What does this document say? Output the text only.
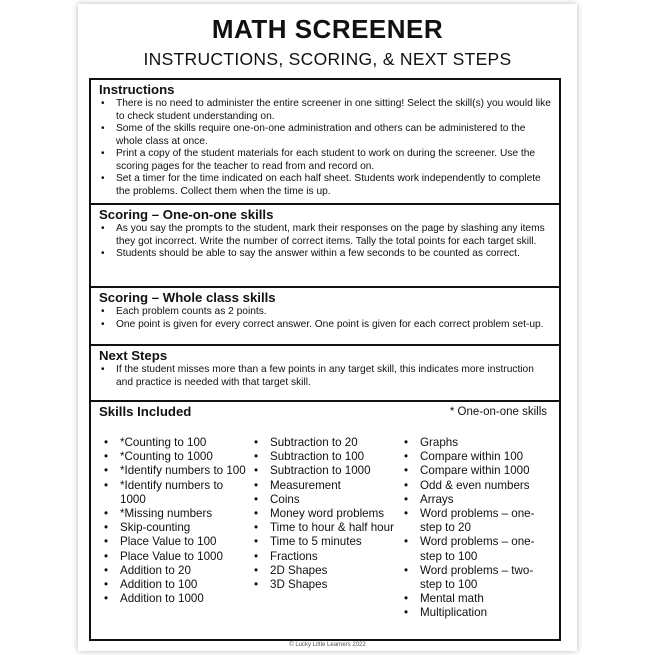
MATH SCREENER
INSTRUCTIONS, SCORING, & NEXT STEPS
Instructions
• There is no need to administer the entire screener in one sitting! Select the skill(s) you would like to check student understanding on.
• Some of the skills require one-on-one administration and others can be administered to the whole class at once.
• Print a copy of the student materials for each student to work on during the screener. Use the scoring pages for the teacher to read from and record on.
• Set a timer for the time indicated on each half sheet. Students work independently to complete the problems. Collect them when the time is up.
Scoring – One-on-one skills
• As you say the prompts to the student, mark their responses on the page by slashing any items they got incorrect. Write the number of correct items. Tally the total points for each target skill.
• Students should be able to say the answer within a few seconds to be counted as correct.
Scoring – Whole class skills
• Each problem counts as 2 points.
• One point is given for every correct answer. One point is given for each correct problem set-up.
Next Steps
• If the student misses more than a few points in any target skill, this indicates more instruction and practice is needed with that target skill.
Skills Included	* One-on-one skills
• *Counting to 100
• *Counting to 1000
• *Identify numbers to 100
• *Identify numbers to 1000
• *Missing numbers
• Skip-counting
• Place Value to 100
• Place Value to 1000
• Addition to 20
• Addition to 100
• Addition to 1000
• Subtraction to 20
• Subtraction to 100
• Subtraction to 1000
• Measurement
• Coins
• Money word problems
• Time to hour & half hour
• Time to 5 minutes
• Fractions
• 2D Shapes
• 3D Shapes
• Graphs
• Compare within 100
• Compare within 1000
• Odd & even numbers
• Arrays
• Word problems – one-step to 20
• Word problems – one-step to 100
• Word problems – two-step to 100
• Mental math
• Multiplication
© Lucky Little Learners 2022
